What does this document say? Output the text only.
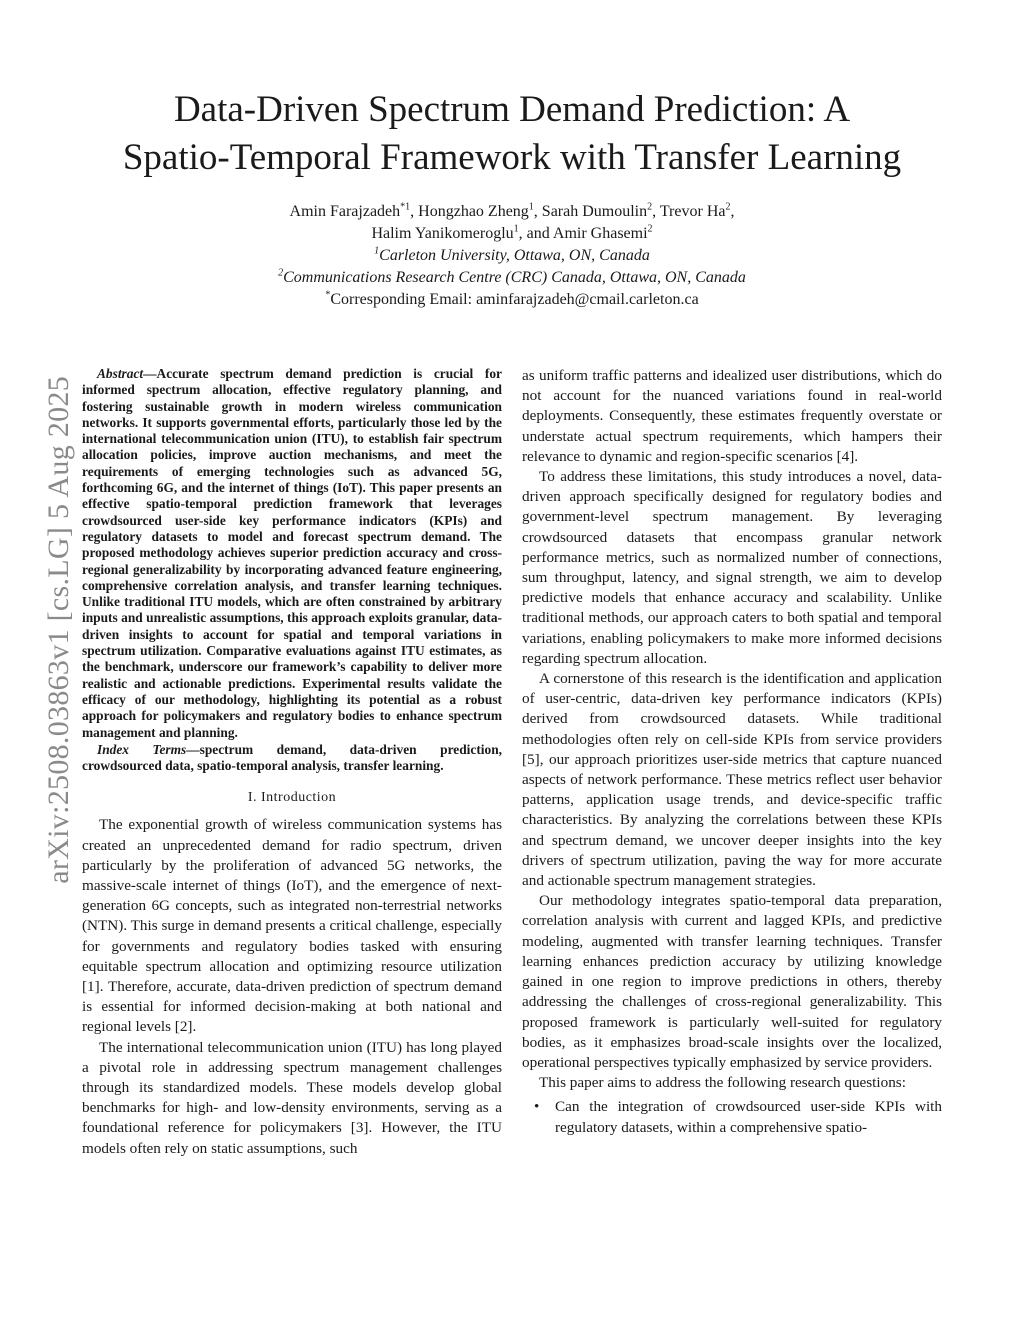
arXiv:2508.03863v1 [cs.LG] 5 Aug 2025
Data-Driven Spectrum Demand Prediction: A
Spatio-Temporal Framework with Transfer Learning
Amin Farajzadeh$^{*1}$, Hongzhao Zheng$^1$, Sarah Dumoulin$^2$, Trevor Ha$^2$,
Halim Yanikomeroglu$^1$, and Amir Ghasemi$^2$
$^1$Carleton University, Ottawa, ON, Canada
$^2$Communications Research Centre (CRC) Canada, Ottawa, ON, Canada
*Corresponding Email: aminfarajzadeh@cmail.carleton.ca

Abstract—Accurate spectrum demand prediction is crucial for informed spectrum allocation, effective regulatory planning, and fostering sustainable growth in modern wireless communication networks. It supports governmental efforts, particularly those led by the international telecommunication union (ITU), to establish fair spectrum allocation policies, improve auction mechanisms, and meet the requirements of emerging technologies such as advanced 5G, forthcoming 6G, and the internet of things (IoT). This paper presents an effective spatio-temporal prediction framework that leverages crowdsourced user-side key performance indicators (KPIs) and regulatory datasets to model and forecast spectrum demand. The proposed methodology achieves superior prediction accuracy and cross-regional generalizability by incorporating advanced feature engineering, comprehensive correlation analysis, and transfer learning techniques. Unlike traditional ITU models, which are often constrained by arbitrary inputs and unrealistic assumptions, this approach exploits granular, data-driven insights to account for spatial and temporal variations in spectrum utilization. Comparative evaluations against ITU estimates, as the benchmark, underscore our framework’s capability to deliver more realistic and actionable predictions. Experimental results validate the efficacy of our methodology, highlighting its potential as a robust approach for policymakers and regulatory bodies to enhance spectrum management and planning.

Index Terms—spectrum demand, data-driven prediction, crowdsourced data, spatio-temporal analysis, transfer learning.

I. Introduction

The exponential growth of wireless communication systems has created an unprecedented demand for radio spectrum, driven particularly by the proliferation of advanced 5G networks, the massive-scale internet of things (IoT), and the emergence of next-generation 6G concepts, such as integrated non-terrestrial networks (NTN). This surge in demand presents a critical challenge, especially for governments and regulatory bodies tasked with ensuring equitable spectrum allocation and optimizing resource utilization [1]. Therefore, accurate, data-driven prediction of spectrum demand is essential for informed decision-making at both national and regional levels [2].

The international telecommunication union (ITU) has long played a pivotal role in addressing spectrum management challenges through its standardized models. These models develop global benchmarks for high- and low-density environments, serving as a foundational reference for policymakers [3]. However, the ITU models often rely on static assumptions, such

as uniform traffic patterns and idealized user distributions, which do not account for the nuanced variations found in real-world deployments. Consequently, these estimates frequently overstate or understate actual spectrum requirements, which hampers their relevance to dynamic and region-specific scenarios [4].

To address these limitations, this study introduces a novel, data-driven approach specifically designed for regulatory bodies and government-level spectrum management. By leveraging crowdsourced datasets that encompass granular network performance metrics, such as normalized number of connections, sum throughput, latency, and signal strength, we aim to develop predictive models that enhance accuracy and scalability. Unlike traditional methods, our approach caters to both spatial and temporal variations, enabling policymakers to make more informed decisions regarding spectrum allocation.

A cornerstone of this research is the identification and application of user-centric, data-driven key performance indicators (KPIs) derived from crowdsourced datasets. While traditional methodologies often rely on cell-side KPIs from service providers [5], our approach prioritizes user-side metrics that capture nuanced aspects of network performance. These metrics reflect user behavior patterns, application usage trends, and device-specific traffic characteristics. By analyzing the correlations between these KPIs and spectrum demand, we uncover deeper insights into the key drivers of spectrum utilization, paving the way for more accurate and actionable spectrum management strategies.

Our methodology integrates spatio-temporal data preparation, correlation analysis with current and lagged KPIs, and predictive modeling, augmented with transfer learning techniques. Transfer learning enhances prediction accuracy by utilizing knowledge gained in one region to improve predictions in others, thereby addressing the challenges of cross-regional generalizability. This proposed framework is particularly well-suited for regulatory bodies, as it emphasizes broad-scale insights over the localized, operational perspectives typically emphasized by service providers.

This paper aims to address the following research questions:

• Can the integration of crowdsourced user-side KPIs with regulatory datasets, within a comprehensive spatio-
